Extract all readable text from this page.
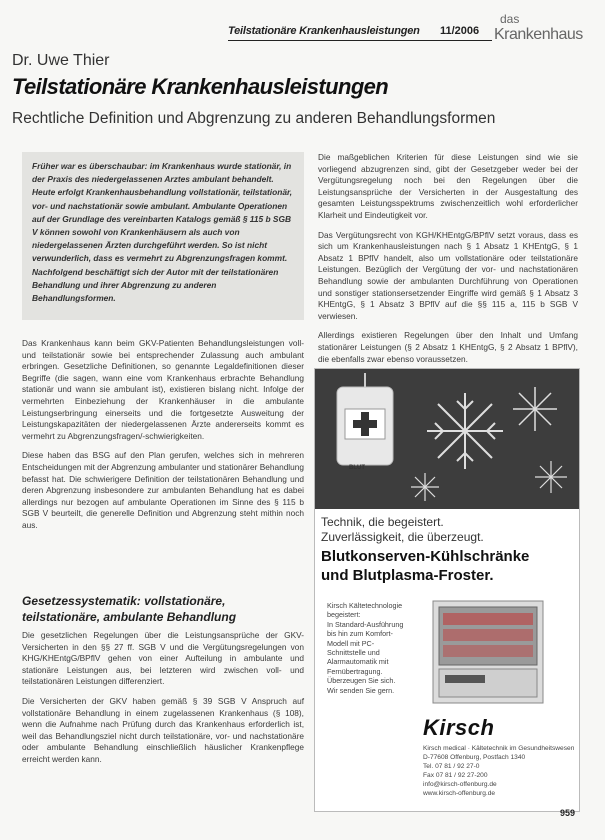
Teilstationäre Krankenhausleistungen 11/2006
das
Krankenhaus
Dr. Uwe Thier
Teilstationäre Krankenhausleistungen
Rechtliche Definition und Abgrenzung zu anderen Behandlungsformen
Früher war es überschaubar: im Krankenhaus wurde stationär, in der Praxis des niedergelassenen Arztes ambulant behandelt. Heute erfolgt Krankenhausbehandlung vollstationär, teilstationär, vor- und nachstationär sowie ambulant. Ambulante Operationen auf der Grundlage des vereinbarten Katalogs gemäß § 115 b SGB V können sowohl von Krankenhäusern als auch von niedergelassenen Ärzten durchgeführt werden. So ist nicht verwunderlich, dass es vermehrt zu Abgrenzungsfragen kommt. Nachfolgend beschäftigt sich der Autor mit der teilstationären Behandlung und ihrer Abgrenzung zu anderen Behandlungsformen.

Das Krankenhaus kann beim GKV-Patienten Behandlungsleistungen voll- und teilstationär sowie bei entsprechender Zulassung auch ambulant erbringen. Gesetzliche Definitionen, so genannte Legaldefinitionen dieser Begriffe (die sagen, wann eine vom Krankenhaus erbrachte Behandlung stationär und wann sie ambulant ist), existieren bislang nicht. Infolge der vermehrten Einbeziehung der Krankenhäuser in die ambulante Leistungserbringung einerseits und die fortgesetzte Ausweitung der Leistungskapazitäten der niedergelassenen Ärzte andererseits kommt es vermehrt zu Abgrenzungsfragen/-schwierigkeiten.

Diese haben das BSG auf den Plan gerufen, welches sich in mehreren Entscheidungen mit der Abgrenzung ambulanter und stationärer Behandlung befasst hat. Die schwierigere Definition der teilstationären Behandlung und deren Abgrenzung insbesondere zur ambulanten Behandlung hat es dabei allerdings nur bezogen auf ambulante Operationen im Sinne des § 115 b SGB V beurteilt, die generelle Definition und Abgrenzung steht mithin noch aus.

Gesetzessystematik: vollstationäre, teilstationäre, ambulante Behandlung

Die gesetzlichen Regelungen über die Leistungsansprüche der GKV-Versicherten in den §§ 27 ff. SGB V und die Vergütungsregelungen von KHG/KHEntgG/BPflV gehen von einer Aufteilung in ambulante und stationäre Leistungen aus, bei letzteren wird zwischen voll- und teilstationären Leistungen differenziert.

Die Versicherten der GKV haben gemäß § 39 SGB V Anspruch auf vollstationäre Behandlung in einem zugelassenen Krankenhaus (§ 108), wenn die Aufnahme nach Prüfung durch das Krankenhaus erforderlich ist, weil das Behandlungsziel nicht durch teilstationäre, vor- und nachstationäre oder ambulante Behandlung einschließlich häuslicher Krankenpflege erreicht werden kann.

Die maßgeblichen Kriterien für diese Leistungen sind wie sie vorliegend abzugrenzen sind, gibt der Gesetzgeber weder bei der Vergütungsregelung noch bei den Regelungen über die Leistungsansprüche der Versicherten in der Ausgestaltung des gesamten Leistungsspektrums zwischenzeitlich wohl erforderlicher Klarheit und Eindeutigkeit vor.

Das Vergütungsrecht von KGH/KHEntgG/BPflV setzt voraus, dass es sich um Krankenhausleistungen nach § 1 Absatz 1 KHEntgG, § 1 Absatz 1 BPflV handelt, also um vollstationäre oder teilstationäre Leistungen. Bezüglich der Vergütung der vor- und nachstationären Behandlung sowie der ambulanten Durchführung von Operationen und sonstiger stationsersetzender Eingriffe wird gemäß § 1 Absatz 3 KHEntgG, § 1 Absatz 3 BPflV auf die §§ 115 a, 115 b SGB V verwiesen.

Allerdings existieren Regelungen über den Inhalt und Umfang stationärer Leistungen (§ 2 Absatz 1 KHEntgG, § 2 Absatz 1 BPflV), die ebenfalls zwar ebenso voraussetzen.

BLUT
Technik, die begeistert.
Zuverlässigkeit, die überzeugt.
Blutkonserven-Kühlschränke
und Blutplasma-Froster.
Kirsch Kältetechnologie begeistert:
In Standard-Ausführung bis hin zum Komfort-Modell mit PC-Schnittstelle und Alarmautomatik mit Fernübertragung.
Überzeugen Sie sich.
Wir senden Sie gern.
Kirsch
Kirsch medical · Kältetechnik im Gesundheitswesen
D-77608 Offenburg, Postfach 1340
Tel. 07 81 / 92 27-0
Fax 07 81 / 92 27-200
info@kirsch-offenburg.de
www.kirsch-offenburg.de
959
